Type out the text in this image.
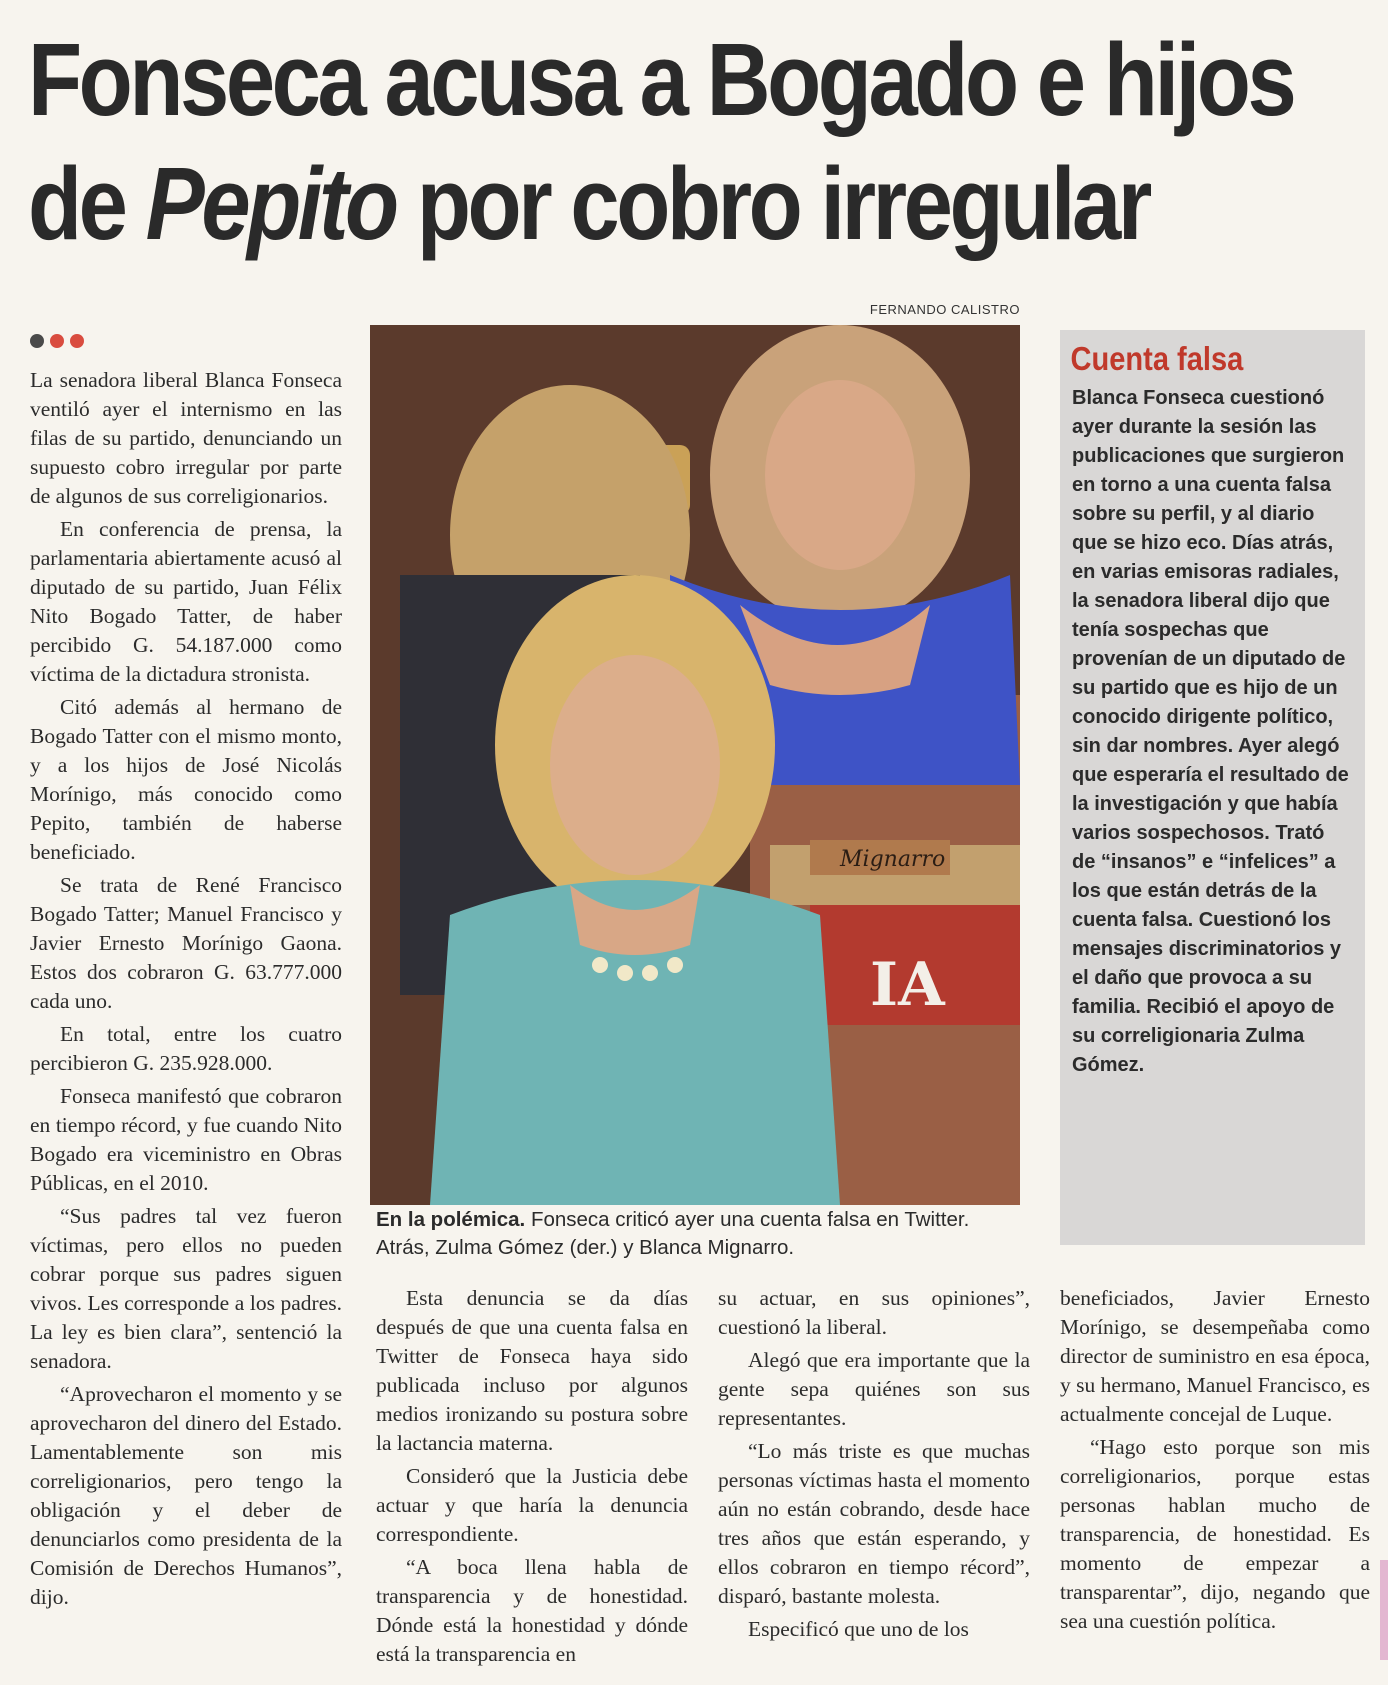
Fonseca acusa a Bogado e hijos
de Pepito por cobro irregular
FERNANDO CALISTRO

La senadora liberal Blanca Fonseca ventiló ayer el internismo en las filas de su partido, denunciando un supuesto cobro irregular por parte de algunos de sus correligionarios.

En conferencia de prensa, la parlamentaria abiertamente acusó al diputado de su partido, Juan Félix Nito Bogado Tatter, de haber percibido G. 54.187.000 como víctima de la dictadura stronista.

Citó además al hermano de Bogado Tatter con el mismo monto, y a los hijos de José Nicolás Morínigo, más conocido como Pepito, también de haberse beneficiado.

Se trata de René Francisco Bogado Tatter; Manuel Francisco y Javier Ernesto Morínigo Gaona. Estos dos cobraron G. 63.777.000 cada uno.

En total, entre los cuatro percibieron G. 235.928.000.

Fonseca manifestó que cobraron en tiempo récord, y fue cuando Nito Bogado era viceministro en Obras Públicas, en el 2010.

“Sus padres tal vez fueron víctimas, pero ellos no pueden cobrar porque sus padres siguen vivos. Les corresponde a los padres. La ley es bien clara”, sentenció la senadora.

“Aprovecharon el momento y se aprovecharon del dinero del Estado. Lamentablemente son mis correligionarios, pero tengo la obligación y el deber de denunciarlos como presidenta de la Comisión de Derechos Humanos”, dijo.

Mignarro
IA
En la polémica. Fonseca criticó ayer una cuenta falsa en Twitter. Atrás, Zulma Gómez (der.) y Blanca Mignarro.

Esta denuncia se da días después de que una cuenta falsa en Twitter de Fonseca haya sido publicada incluso por algunos medios ironizando su postura sobre la lactancia materna.

Consideró que la Justicia debe actuar y que haría la denuncia correspondiente.

“A boca llena habla de transparencia y de honestidad. Dónde está la honestidad y dónde está la transparencia en

su actuar, en sus opiniones”, cuestionó la liberal.

Alegó que era importante que la gente sepa quiénes son sus representantes.

“Lo más triste es que muchas personas víctimas hasta el momento aún no están cobrando, desde hace tres años que están esperando, y ellos cobraron en tiempo récord”, disparó, bastante molesta.

Especificó que uno de los

beneficiados, Javier Ernesto Morínigo, se desempeñaba como director de suministro en esa época, y su hermano, Manuel Francisco, es actualmente concejal de Luque.

“Hago esto porque son mis correligionarios, porque estas personas hablan mucho de transparencia, de honestidad. Es momento de empezar a transparentar”, dijo, negando que sea una cuestión política.

Cuenta falsa
Blanca Fonseca cuestionó ayer durante la sesión las publicaciones que surgieron en torno a una cuenta falsa sobre su perfil, y al diario que se hizo eco. Días atrás, en varias emisoras radiales, la senadora liberal dijo que tenía sospechas que provenían de un diputado de su partido que es hijo de un conocido dirigente político, sin dar nombres. Ayer alegó que esperaría el resultado de la investigación y que había varios sospechosos. Trató de “insanos” e “infelices” a los que están detrás de la cuenta falsa. Cuestionó los mensajes discriminatorios y el daño que provoca a su familia. Recibió el apoyo de su correligionaria Zulma Gómez.
